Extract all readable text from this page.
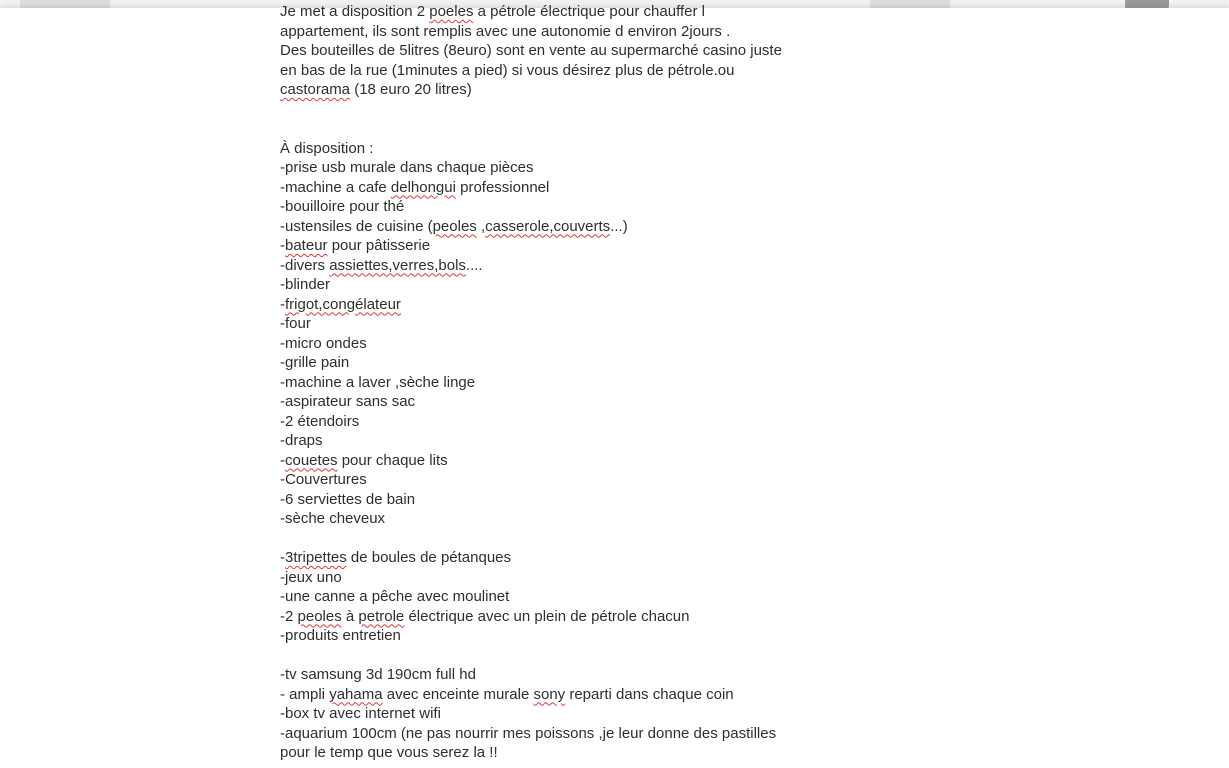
Je met a disposition 2 poeles a pétrole électrique pour chauffer l

appartement, ils sont remplis avec une autonomie d environ 2jours .

Des bouteilles de 5litres (8euro) sont en vente au supermarché casino juste

en bas de la rue (1minutes a pied) si vous désirez plus de pétrole.ou

castorama (18 euro 20 litres)

À disposition :

-prise usb murale dans chaque pièces

-machine a cafe delhongui professionnel

-bouilloire pour thé

-ustensiles de cuisine (peoles ,casserole,couverts...)

-bateur pour pâtisserie

-divers assiettes,verres,bols....

-blinder

-frigot,congélateur

-four

-micro ondes

-grille pain

-machine a laver ,sèche linge

-aspirateur sans sac

-2 étendoirs

-draps

-couetes pour chaque lits

-Couvertures

-6 serviettes de bain

-sèche cheveux

-3tripettes de boules de pétanques

-jeux uno

-une canne a pêche avec moulinet

-2 peoles à petrole électrique avec un plein de pétrole chacun

-produits entretien

-tv samsung 3d 190cm full hd

- ampli yahama avec enceinte murale sony reparti dans chaque coin

-box tv avec internet wifi

-aquarium 100cm (ne pas nourrir mes poissons ,je leur donne des pastilles

pour le temp que vous serez la !!
